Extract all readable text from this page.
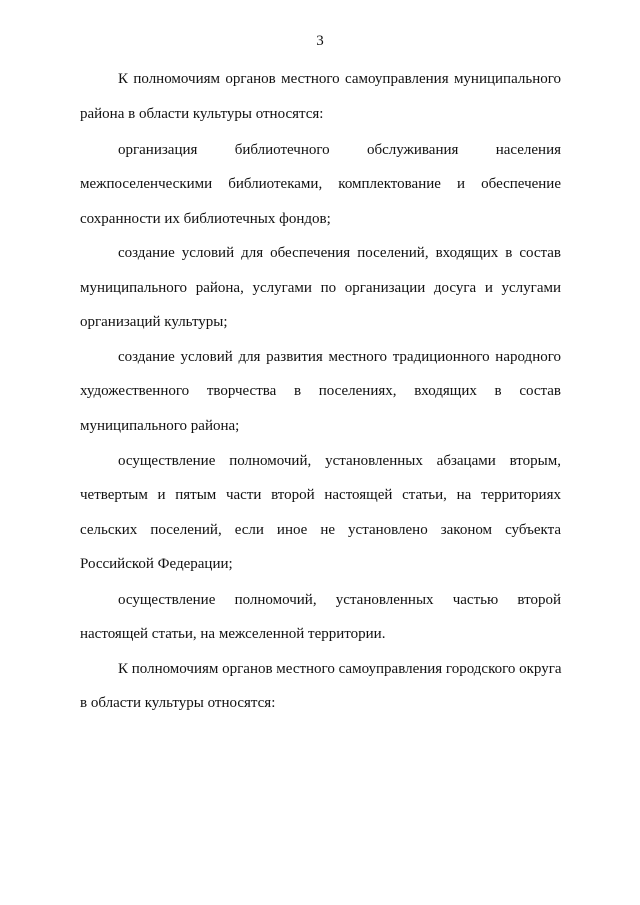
3
К полномочиям органов местного самоуправления муниципального
района в области культуры относятся:
организация библиотечного обслуживания населения
межпоселенческими библиотеками, комплектование и обеспечение
сохранности их библиотечных фондов;
создание условий для обеспечения поселений, входящих в состав
муниципального района, услугами по организации досуга и услугами
организаций культуры;
создание условий для развития местного традиционного народного
художественного творчества в поселениях, входящих в состав
муниципального района;
осуществление полномочий, установленных абзацами вторым,
четвертым и пятым части второй настоящей статьи, на территориях
сельских поселений, если иное не установлено законом субъекта
Российской Федерации;
осуществление полномочий, установленных частью второй
настоящей статьи, на межселенной территории.
К полномочиям органов местного самоуправления городского округа
в области культуры относятся:
